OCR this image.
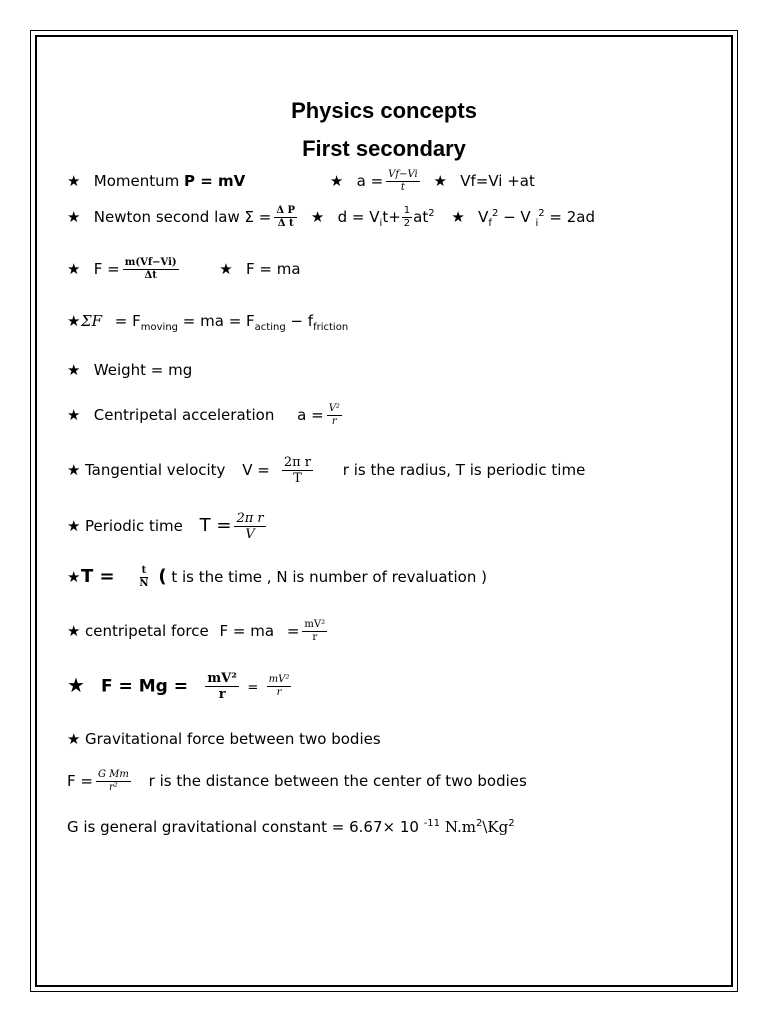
Physics concepts
First secondary
★ Momentum P = mV	★ $a = \frac{Vf-Vi}{t}$ ★ Vf=Vi +at
★ Newton second law $\Sigma = \frac{\text{Δ P}}{\text{Δ t}}$ ★ $d = V_it+ \frac{1}{2} at^2$ ★ $V_f^2 - V$ $_i^2$ = 2ad
★ $F = \frac{m(Vf-Vi)}{\Delta t}$	★ F = ma
★ΣF = $F_{moving}$ = ma = $F_{acting} - f_{friction}$
★ Weight = mg
★ Centripetal acceleration $a = \frac{\text{V²}}{r}$
★ Tangential velocity $V = \frac{\text{2π r}}{T}$ r is the radius, T is periodic time
★ Periodic time $T = \frac{\text{2π r}}{V}$
★T = $\frac{t}{N}$ ( t is the time , N is number of revaluation )
★ centripetal force F = ma = $\frac{\text{mV²}}{r}$
★ $F = Mg = \frac{\text{mV²}}{r} = \frac{\text{mV²}}{r}$
★ Gravitational force between two bodies
$F = \frac{\text{G Mm}}{\text{r²}}$ r is the distance between the center of two bodies
G is general gravitational constant = 6.67× 10 $^{-11}$ $N.m^2\backslash Kg^2$
